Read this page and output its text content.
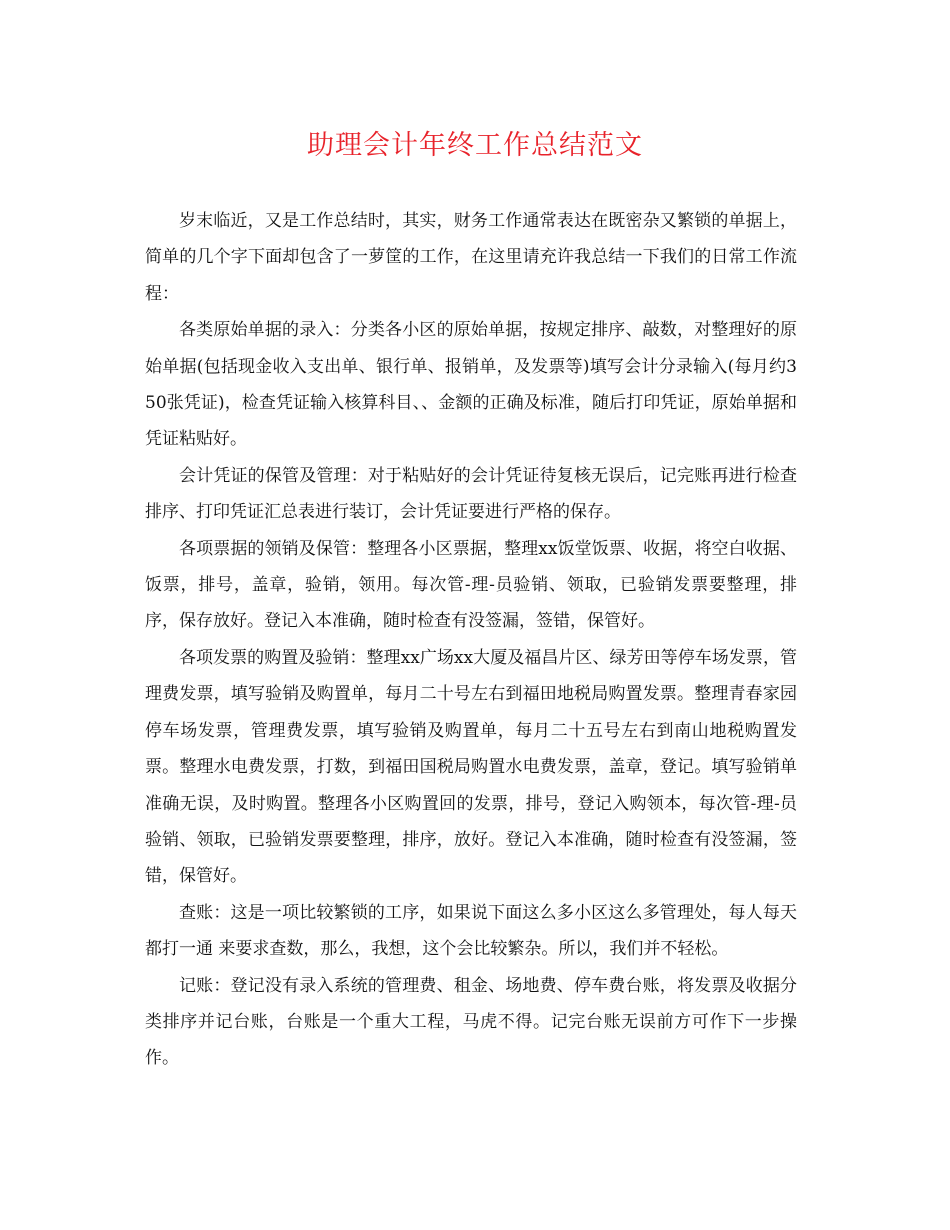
助理会计年终工作总结范文

岁末临近，又是工作总结时，其实，财务工作通常表达在既密杂又繁锁的单据上，简单的几个字下面却包含了一萝筐的工作，在这里请充许我总结一下我们的日常工作流程：

各类原始单据的录入：分类各小区的原始单据，按规定排序、敲数，对整理好的原始单据(包括现金收入支出单、银行单、报销单，及发票等)填写会计分录输入(每月约350张凭证)，检查凭证输入核算科目、、金额的正确及标准，随后打印凭证，原始单据和凭证粘贴好。

会计凭证的保管及管理：对于粘贴好的会计凭证待复核无误后，记完账再进行检查排序、打印凭证汇总表进行装订，会计凭证要进行严格的保存。

各项票据的领销及保管：整理各小区票据，整理xx饭堂饭票、收据，将空白收据、饭票，排号，盖章，验销，领用。每次管-理-员验销、领取，已验销发票要整理，排序，保存放好。登记入本准确，随时检查有没签漏，签错，保管好。

各项发票的购置及验销：整理xx广场xx大厦及福昌片区、绿芳田等停车场发票，管理费发票，填写验销及购置单，每月二十号左右到福田地税局购置发票。整理青春家园停车场发票，管理费发票，填写验销及购置单，每月二十五号左右到南山地税购置发票。整理水电费发票，打数，到福田国税局购置水电费发票，盖章，登记。填写验销单准确无误，及时购置。整理各小区购置回的发票，排号，登记入购领本，每次管-理-员验销、领取，已验销发票要整理，排序，放好。登记入本准确，随时检查有没签漏，签错，保管好。

查账：这是一项比较繁锁的工序，如果说下面这么多小区这么多管理处，每人每天都打一通 来要求查数，那么，我想，这个会比较繁杂。所以，我们并不轻松。

记账：登记没有录入系统的管理费、租金、场地费、停车费台账，将发票及收据分类排序并记台账，台账是一个重大工程，马虎不得。记完台账无误前方可作下一步操作。
